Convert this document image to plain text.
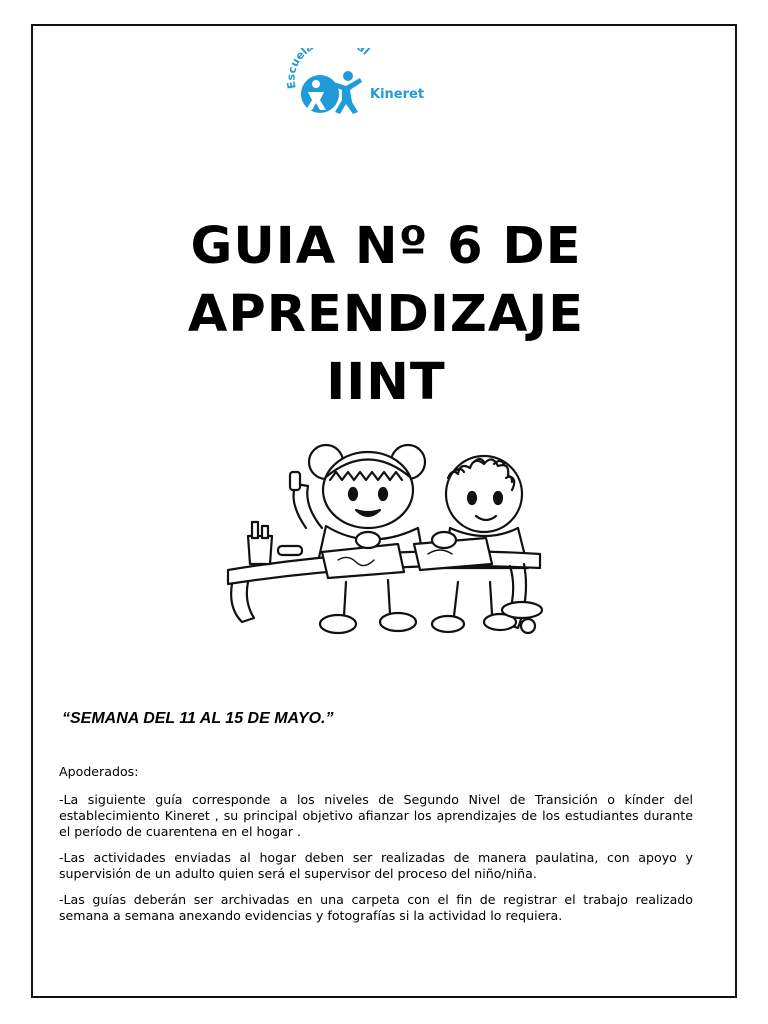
Escuel l
Kineret
GUIA Nº 6 DE
APRENDIZAJE
IINT
“SEMANA DEL 11 AL 15 DE MAYO.”

Apoderados:

-La siguiente guía corresponde a los niveles de Segundo Nivel de Transición o kínder del establecimiento Kineret , su principal objetivo afianzar los aprendizajes de los estudiantes durante el período de cuarentena en el hogar .

-Las actividades enviadas al hogar deben ser realizadas de manera paulatina, con apoyo y supervisión de un adulto quien será el supervisor del proceso del niño/niña.

-Las guías deberán ser archivadas en una carpeta con el fin de registrar el trabajo realizado semana a semana anexando evidencias y fotografías si la actividad lo requiera.
